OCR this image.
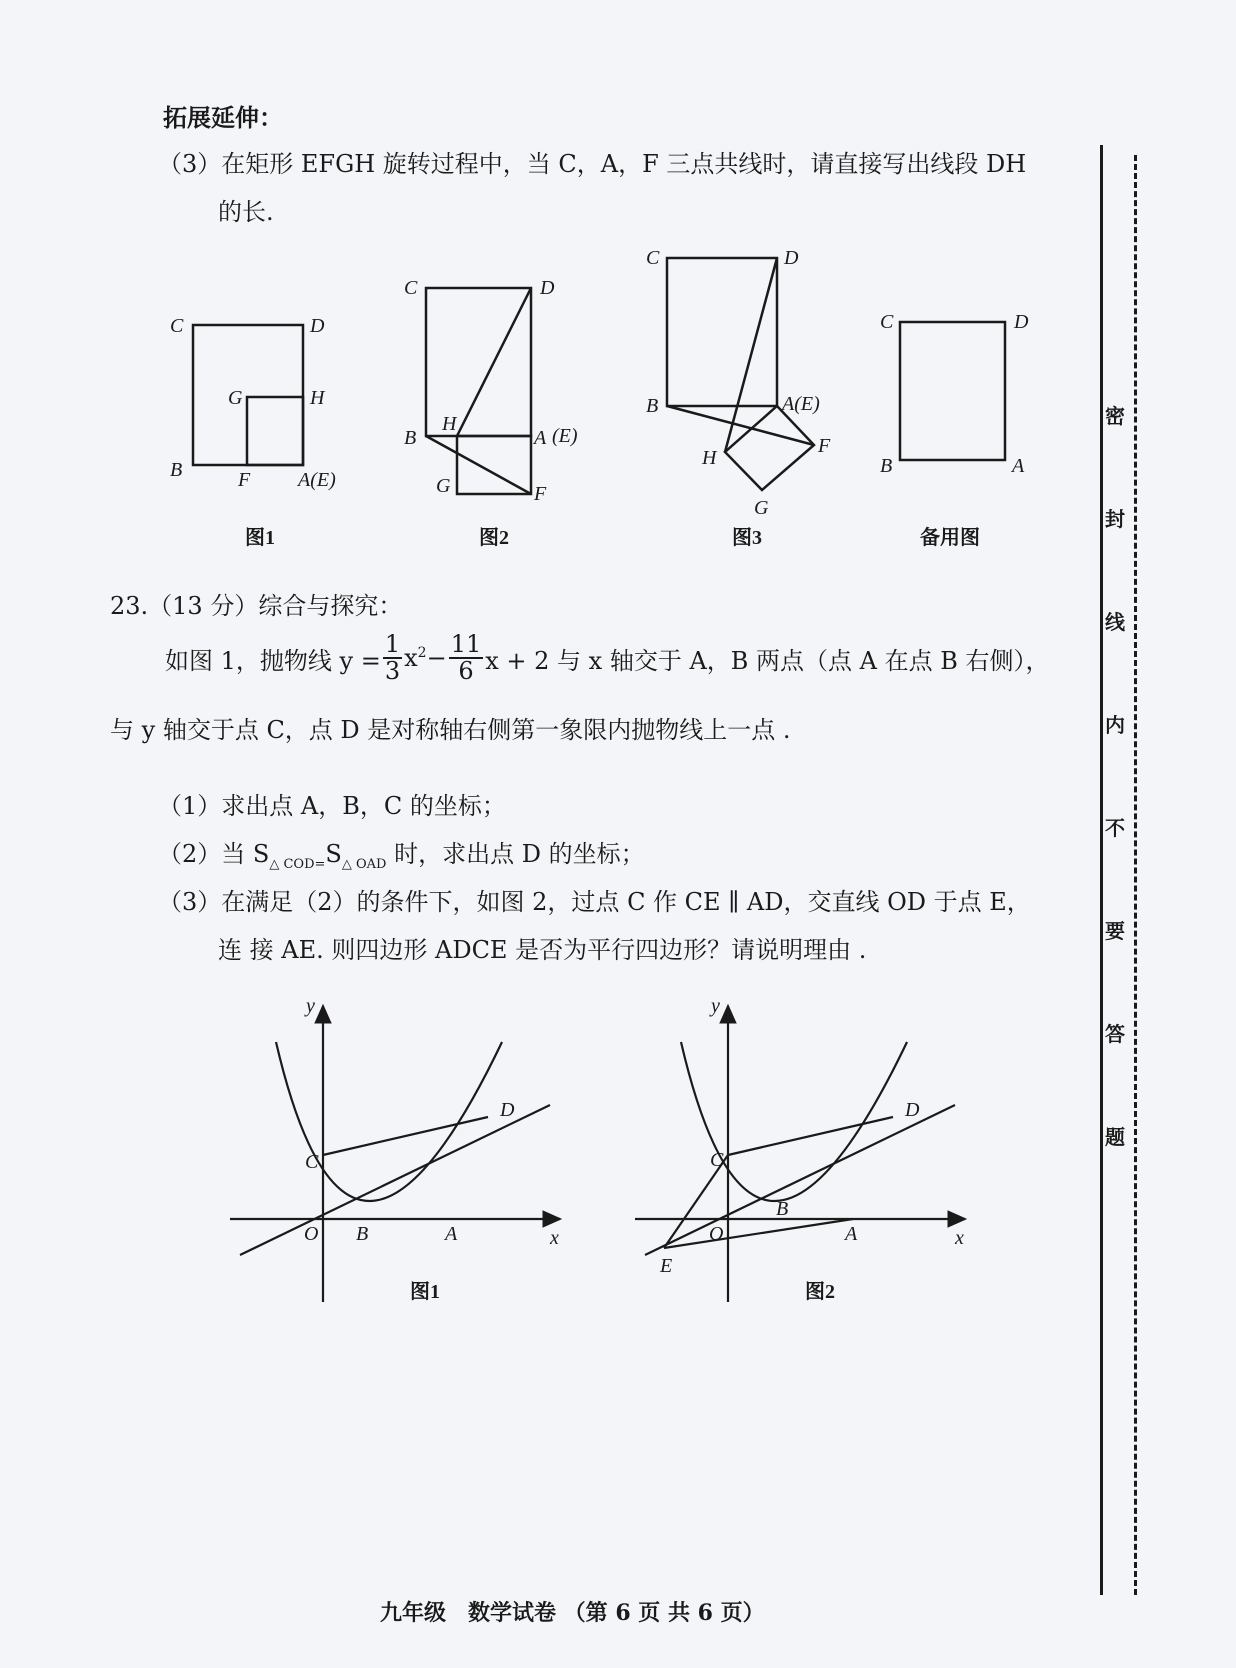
拓展延伸：
（3）在矩形 EFGH 旋转过程中，当 C，A，F 三点共线时，请直接写出线段 DH
的长.
C	D
G	H
B	F A(E)
C	D
B
H
A (E)
G	F
C	D
B	A(E)
H
F
G
C	D
B	A
图1	图2	图3	备用图
23.（13 分）综合与探究：
如图 1，抛物线 $y = \frac{1}{3} x^2 - \frac{11}{6}$ x + 2 与 x 轴交于 A，B 两点（点 A 在点 B 右侧），
与 y 轴交于点 C，点 D 是对称轴右侧第一象限内抛物线上一点 .
（1）求出点 A，B，C 的坐标；
（2）当 $S_{\triangle COD=}S_{\triangle OAD}$ 时，求出点 D 的坐标；
（3）在满足（2）的条件下，如图 2，过点 C 作 CE ∥ AD，交直线 OD 于点 E，
连 接 AE. 则四边形 ADCE 是否为平行四边形？请说明理由 .
y
x
O B	A
C
D
y
x
O
B
A
C
D
E
图1	图2
密
封
线
内
不
要
答
题
九年级　数学试卷 （第 6 页 共 6 页）
